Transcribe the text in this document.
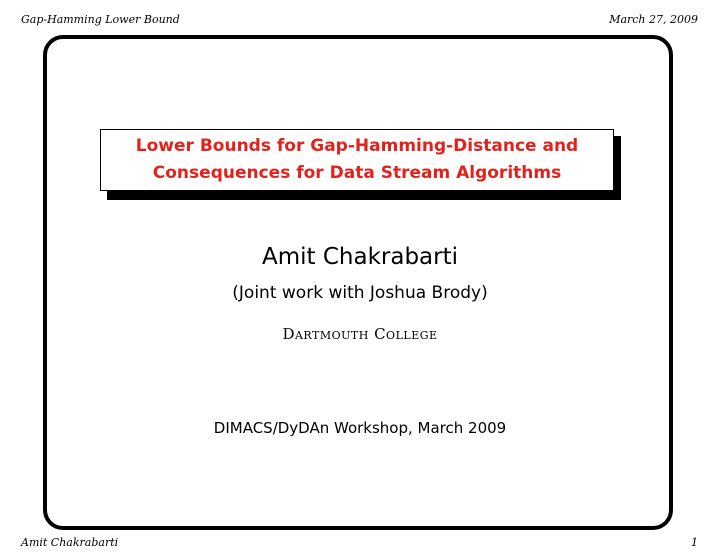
Gap-Hamming Lower Bound	March 27, 2009
Lower Bounds for Gap-Hamming-Distance and
Consequences for Data Stream Algorithms
Amit Chakrabarti
(Joint work with Joshua Brody)
Dartmouth College
DIMACS/DyDAn Workshop, March 2009
Amit Chakrabarti	1
